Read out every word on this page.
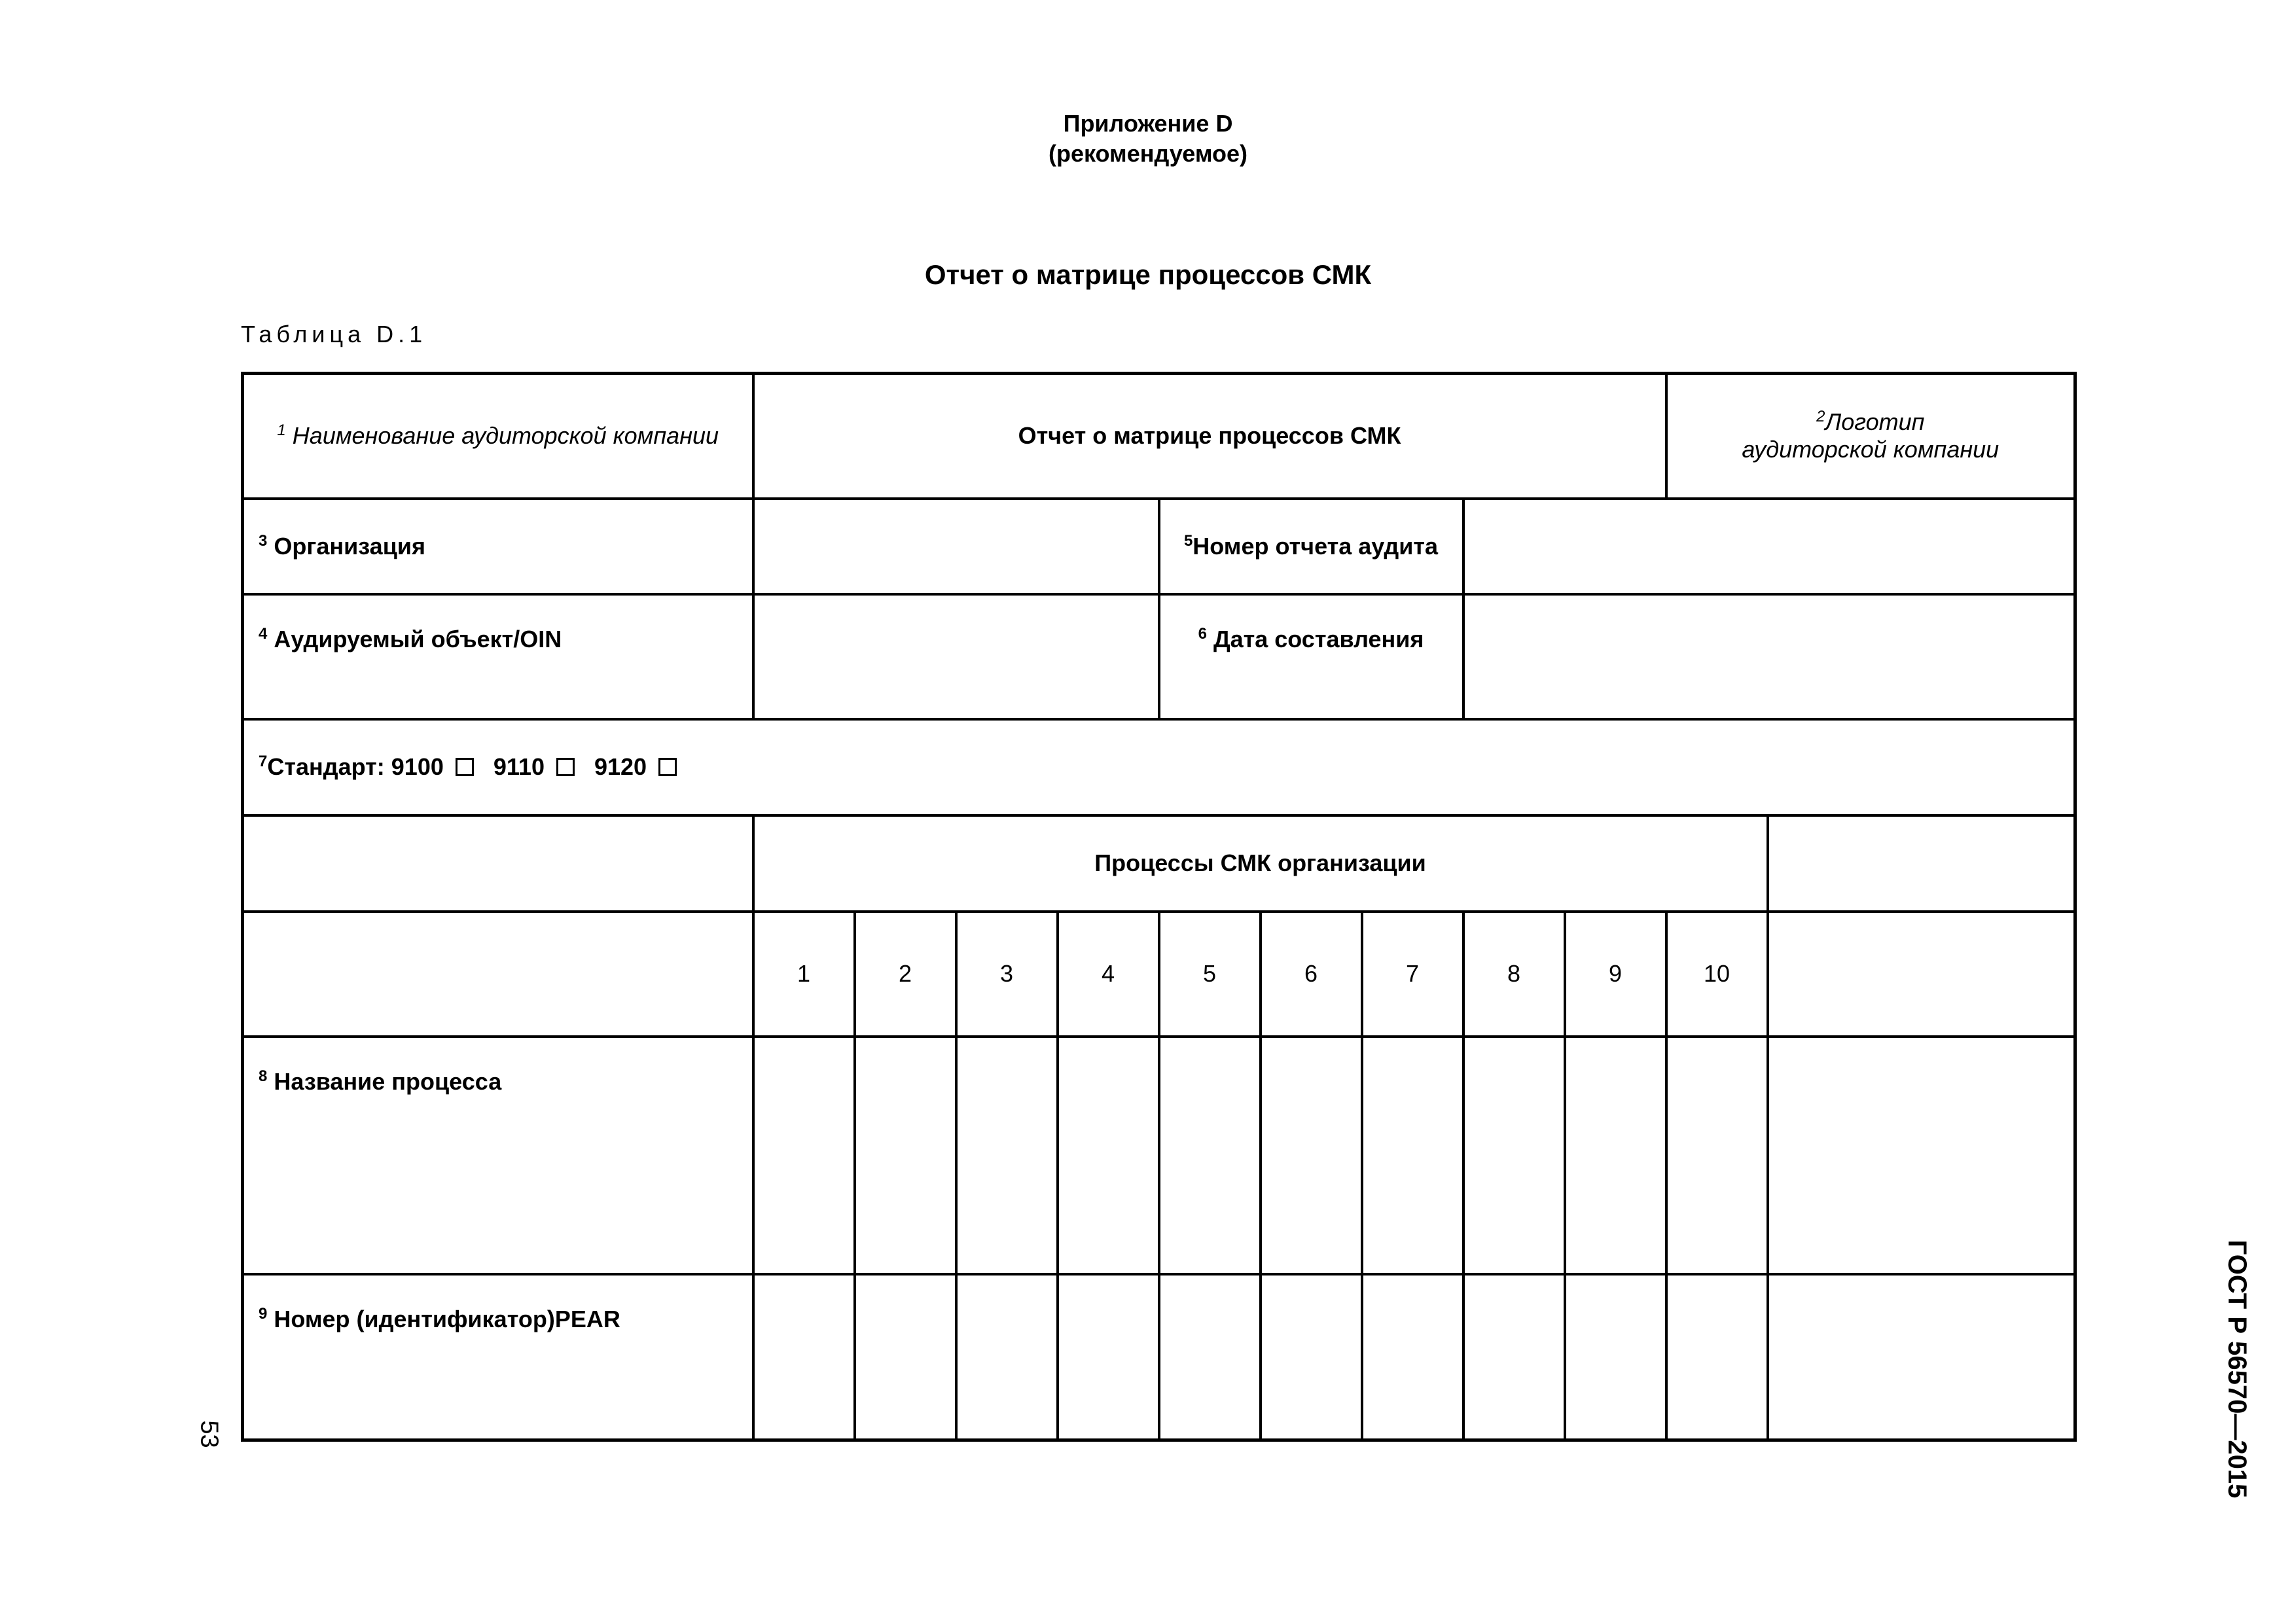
Приложение D
(рекомендуемое)
Отчет о матрице процессов СМК
Таблица D.1
$^1$ Наименование аудиторской компании	Отчет о матрице процессов СМК									$^2$Логотип
аудиторской компании	
$^3$ Организация					$^5$Номер отчета аудита						
$^4$ Аудируемый объект/OIN					$^6$ Дата составления						
$^7$Стандарт: 9100 9110 9120											
	Процессы СМК организации										
	1	2	3	4	5	6	7	8	9	10	
$^8$ Название процесса											
$^9$ Номер (идентификатор)PEAR											
53	ГОСТ Р 56570—2015
